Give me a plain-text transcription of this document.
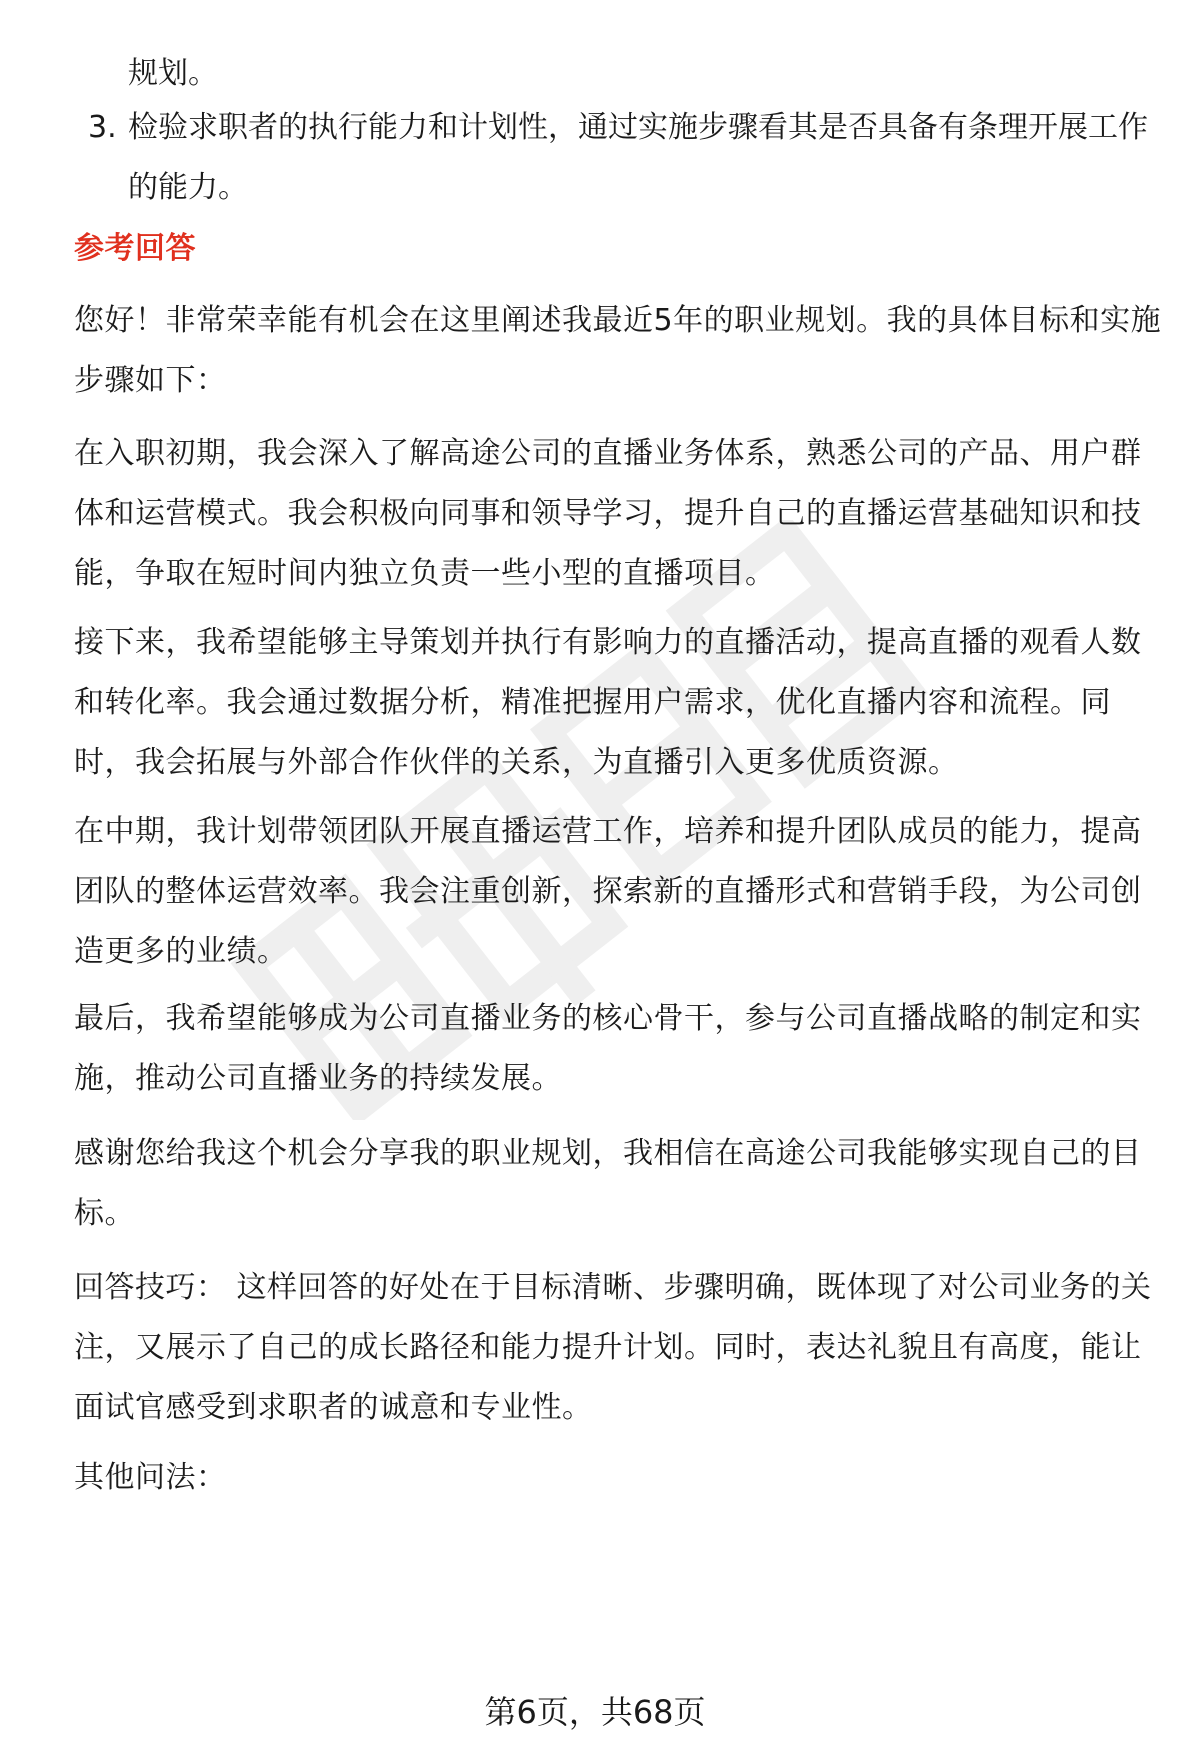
规划。

3. 检验求职者的执行能力和计划性，通过实施步骤看其是否具备有条理开展工作的能力。

参考回答

您好！非常荣幸能有机会在这里阐述我最近5年的职业规划。我的具体目标和实施步骤如下：

在入职初期，我会深入了解高途公司的直播业务体系，熟悉公司的产品、用户群体和运营模式。我会积极向同事和领导学习，提升自己的直播运营基础知识和技能，争取在短时间内独立负责一些小型的直播项目。

接下来，我希望能够主导策划并执行有影响力的直播活动，提高直播的观看人数和转化率。我会通过数据分析，精准把握用户需求，优化直播内容和流程。同时，我会拓展与外部合作伙伴的关系，为直播引入更多优质资源。

在中期，我计划带领团队开展直播运营工作，培养和提升团队成员的能力，提高团队的整体运营效率。我会注重创新，探索新的直播形式和营销手段，为公司创造更多的业绩。

最后，我希望能够成为公司直播业务的核心骨干，参与公司直播战略的制定和实施，推动公司直播业务的持续发展。

感谢您给我这个机会分享我的职业规划，我相信在高途公司我能够实现自己的目标。

回答技巧： 这样回答的好处在于目标清晰、步骤明确，既体现了对公司业务的关注，又展示了自己的成长路径和能力提升计划。同时，表达礼貌且有高度，能让面试官感受到求职者的诚意和专业性。

其他问法：

第6页，共68页
